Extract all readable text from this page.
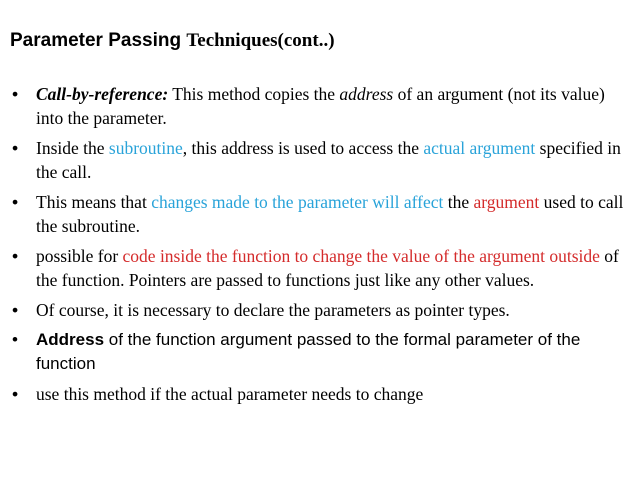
Parameter Passing Techniques(cont..)
• Call-by-reference: This method copies the address of an argument (not its value) into the parameter.
• Inside the subroutine, this address is used to access the actual argument specified in the call.
• This means that changes made to the parameter will affect the argument used to call the subroutine.
• possible for code inside the function to change the value of the argument outside of the function. Pointers are passed to functions just like any other values.
• Of course, it is necessary to declare the parameters as pointer types.
• Address of the function argument passed to the formal parameter of the function
• use this method if the actual parameter needs to change
